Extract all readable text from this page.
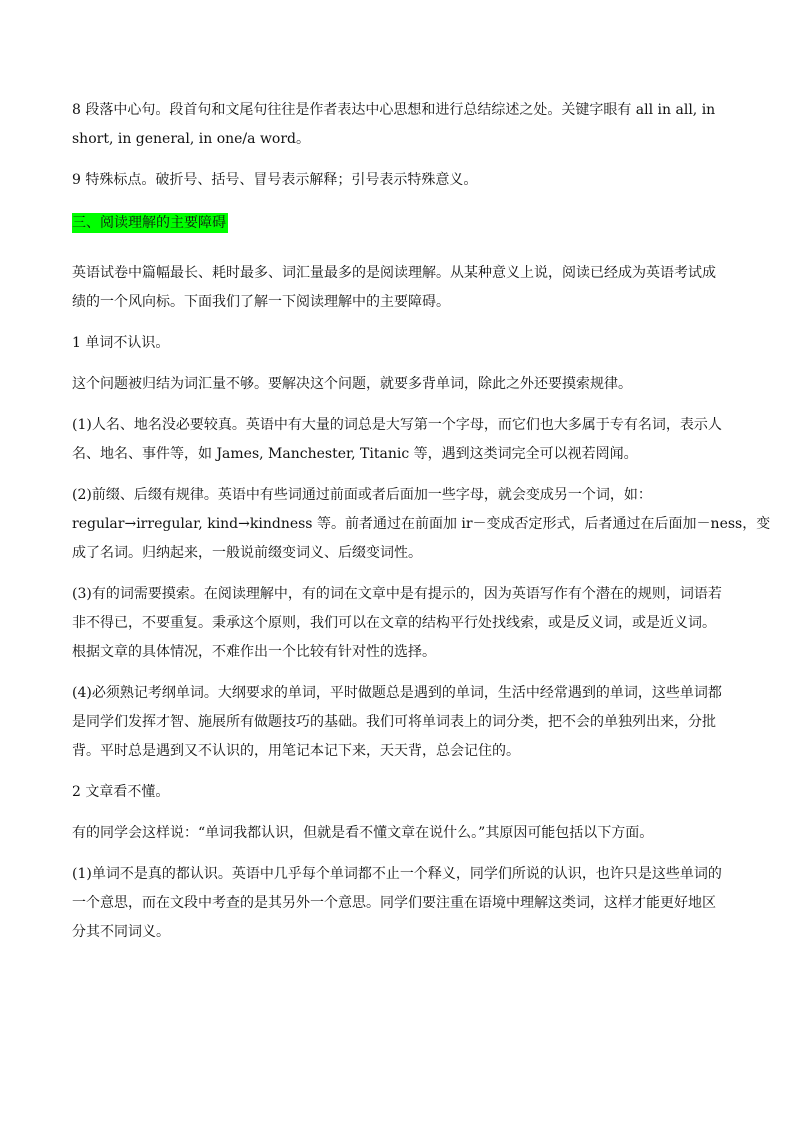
8 段落中心句。段首句和文尾句往往是作者表达中心思想和进行总结综述之处。关键字眼有 all in all, in
short, in general, in one/a word。

9 特殊标点。破折号、括号、冒号表示解释；引号表示特殊意义。

三、阅读理解的主要障碍

英语试卷中篇幅最长、耗时最多、词汇量最多的是阅读理解。从某种意义上说，阅读已经成为英语考试成
绩的一个风向标。下面我们了解一下阅读理解中的主要障碍。

1 单词不认识。

这个问题被归结为词汇量不够。要解决这个问题，就要多背单词，除此之外还要摸索规律。

(1)人名、地名没必要较真。英语中有大量的词总是大写第一个字母，而它们也大多属于专有名词，表示人
名、地名、事件等，如 James, Manchester, Titanic 等，遇到这类词完全可以视若罔闻。

(2)前缀、后缀有规律。英语中有些词通过前面或者后面加一些字母，就会变成另一个词，如：
regular→irregular, kind→kindness 等。前者通过在前面加 ir－变成否定形式，后者通过在后面加－ness，变
成了名词。归纳起来，一般说前缀变词义、后缀变词性。

(3)有的词需要摸索。在阅读理解中，有的词在文章中是有提示的，因为英语写作有个潜在的规则，词语若
非不得已，不要重复。秉承这个原则，我们可以在文章的结构平行处找线索，或是反义词，或是近义词。
根据文章的具体情况，不难作出一个比较有针对性的选择。

(4)必须熟记考纲单词。大纲要求的单词，平时做题总是遇到的单词，生活中经常遇到的单词，这些单词都
是同学们发挥才智、施展所有做题技巧的基础。我们可将单词表上的词分类，把不会的单独列出来，分批
背。平时总是遇到又不认识的，用笔记本记下来，天天背，总会记住的。

2 文章看不懂。

有的同学会这样说：“单词我都认识，但就是看不懂文章在说什么。”其原因可能包括以下方面。

(1)单词不是真的都认识。英语中几乎每个单词都不止一个释义，同学们所说的认识，也许只是这些单词的
一个意思，而在文段中考查的是其另外一个意思。同学们要注重在语境中理解这类词，这样才能更好地区
分其不同词义。
